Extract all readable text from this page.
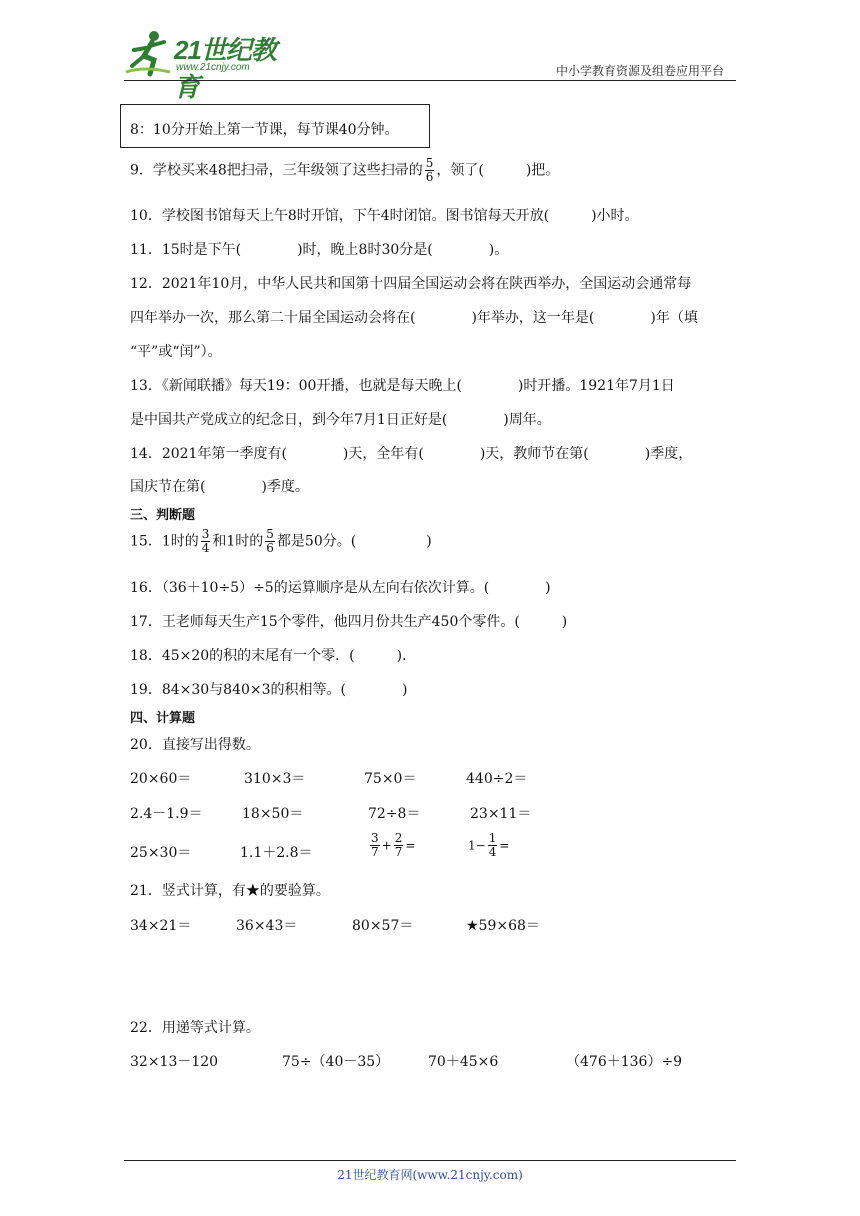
21世纪教育
www.21cnjy.com	中小学教育资源及组卷应用平台
8：10分开始上第一节课，每节课40分钟。
9．学校买来48把扫帚，三年级领了这些扫帚的 $\frac{5}{6}$ ，领了(　　　)把。
10．学校图书馆每天上午8时开馆，下午4时闭馆。图书馆每天开放(　　　)小时。
11．15时是下午(　　　　)时，晚上8时30分是(　　　　)。
12．2021年10月，中华人民共和国第十四届全国运动会将在陕西举办，全国运动会通常每
四年举办一次，那么第二十届全国运动会将在(　　　　)年举办，这一年是(　　　　)年（填
“平”或“闰”）。
13．《新闻联播》每天19：00开播，也就是每天晚上(　　　　)时开播。1921年7月1日
是中国共产党成立的纪念日，到今年7月1日正好是(　　　　)周年。
14．2021年第一季度有(　　　　)天，全年有(　　　　)天，教师节在第(　　　　)季度，
国庆节在第(　　　　)季度。
三、判断题
15．1时的 $\frac{3}{4}$ 和1时的 $\frac{5}{6}$ 都是50分。(　　　　　)
16．（36＋10÷5）÷5的运算顺序是从左向右依次计算。(　　　　)
17．王老师每天生产15个零件，他四月份共生产450个零件。(　　　)
18．45×20的积的末尾有一个零．(　　　)．
19．84×30与840×3的积相等。(　　　　)
四、计算题
20．直接写出得数。
20×60＝	310×3＝	75×0＝	440÷2＝
2.4－1.9＝	18×50＝	72÷8＝	23×11＝
25×30＝	1.1＋2.8＝	$\frac{3}{7} + \frac{2}{7}$ =	$1- \frac{1}{4}$ =
21．竖式计算，有★的要验算。
34×21＝	36×43＝	80×57＝	★59×68＝
22．用递等式计算。
32×13－120	75÷（40－35）	70＋45×6	（476＋136）÷9
21世纪教育网(www.21cnjy.com)
